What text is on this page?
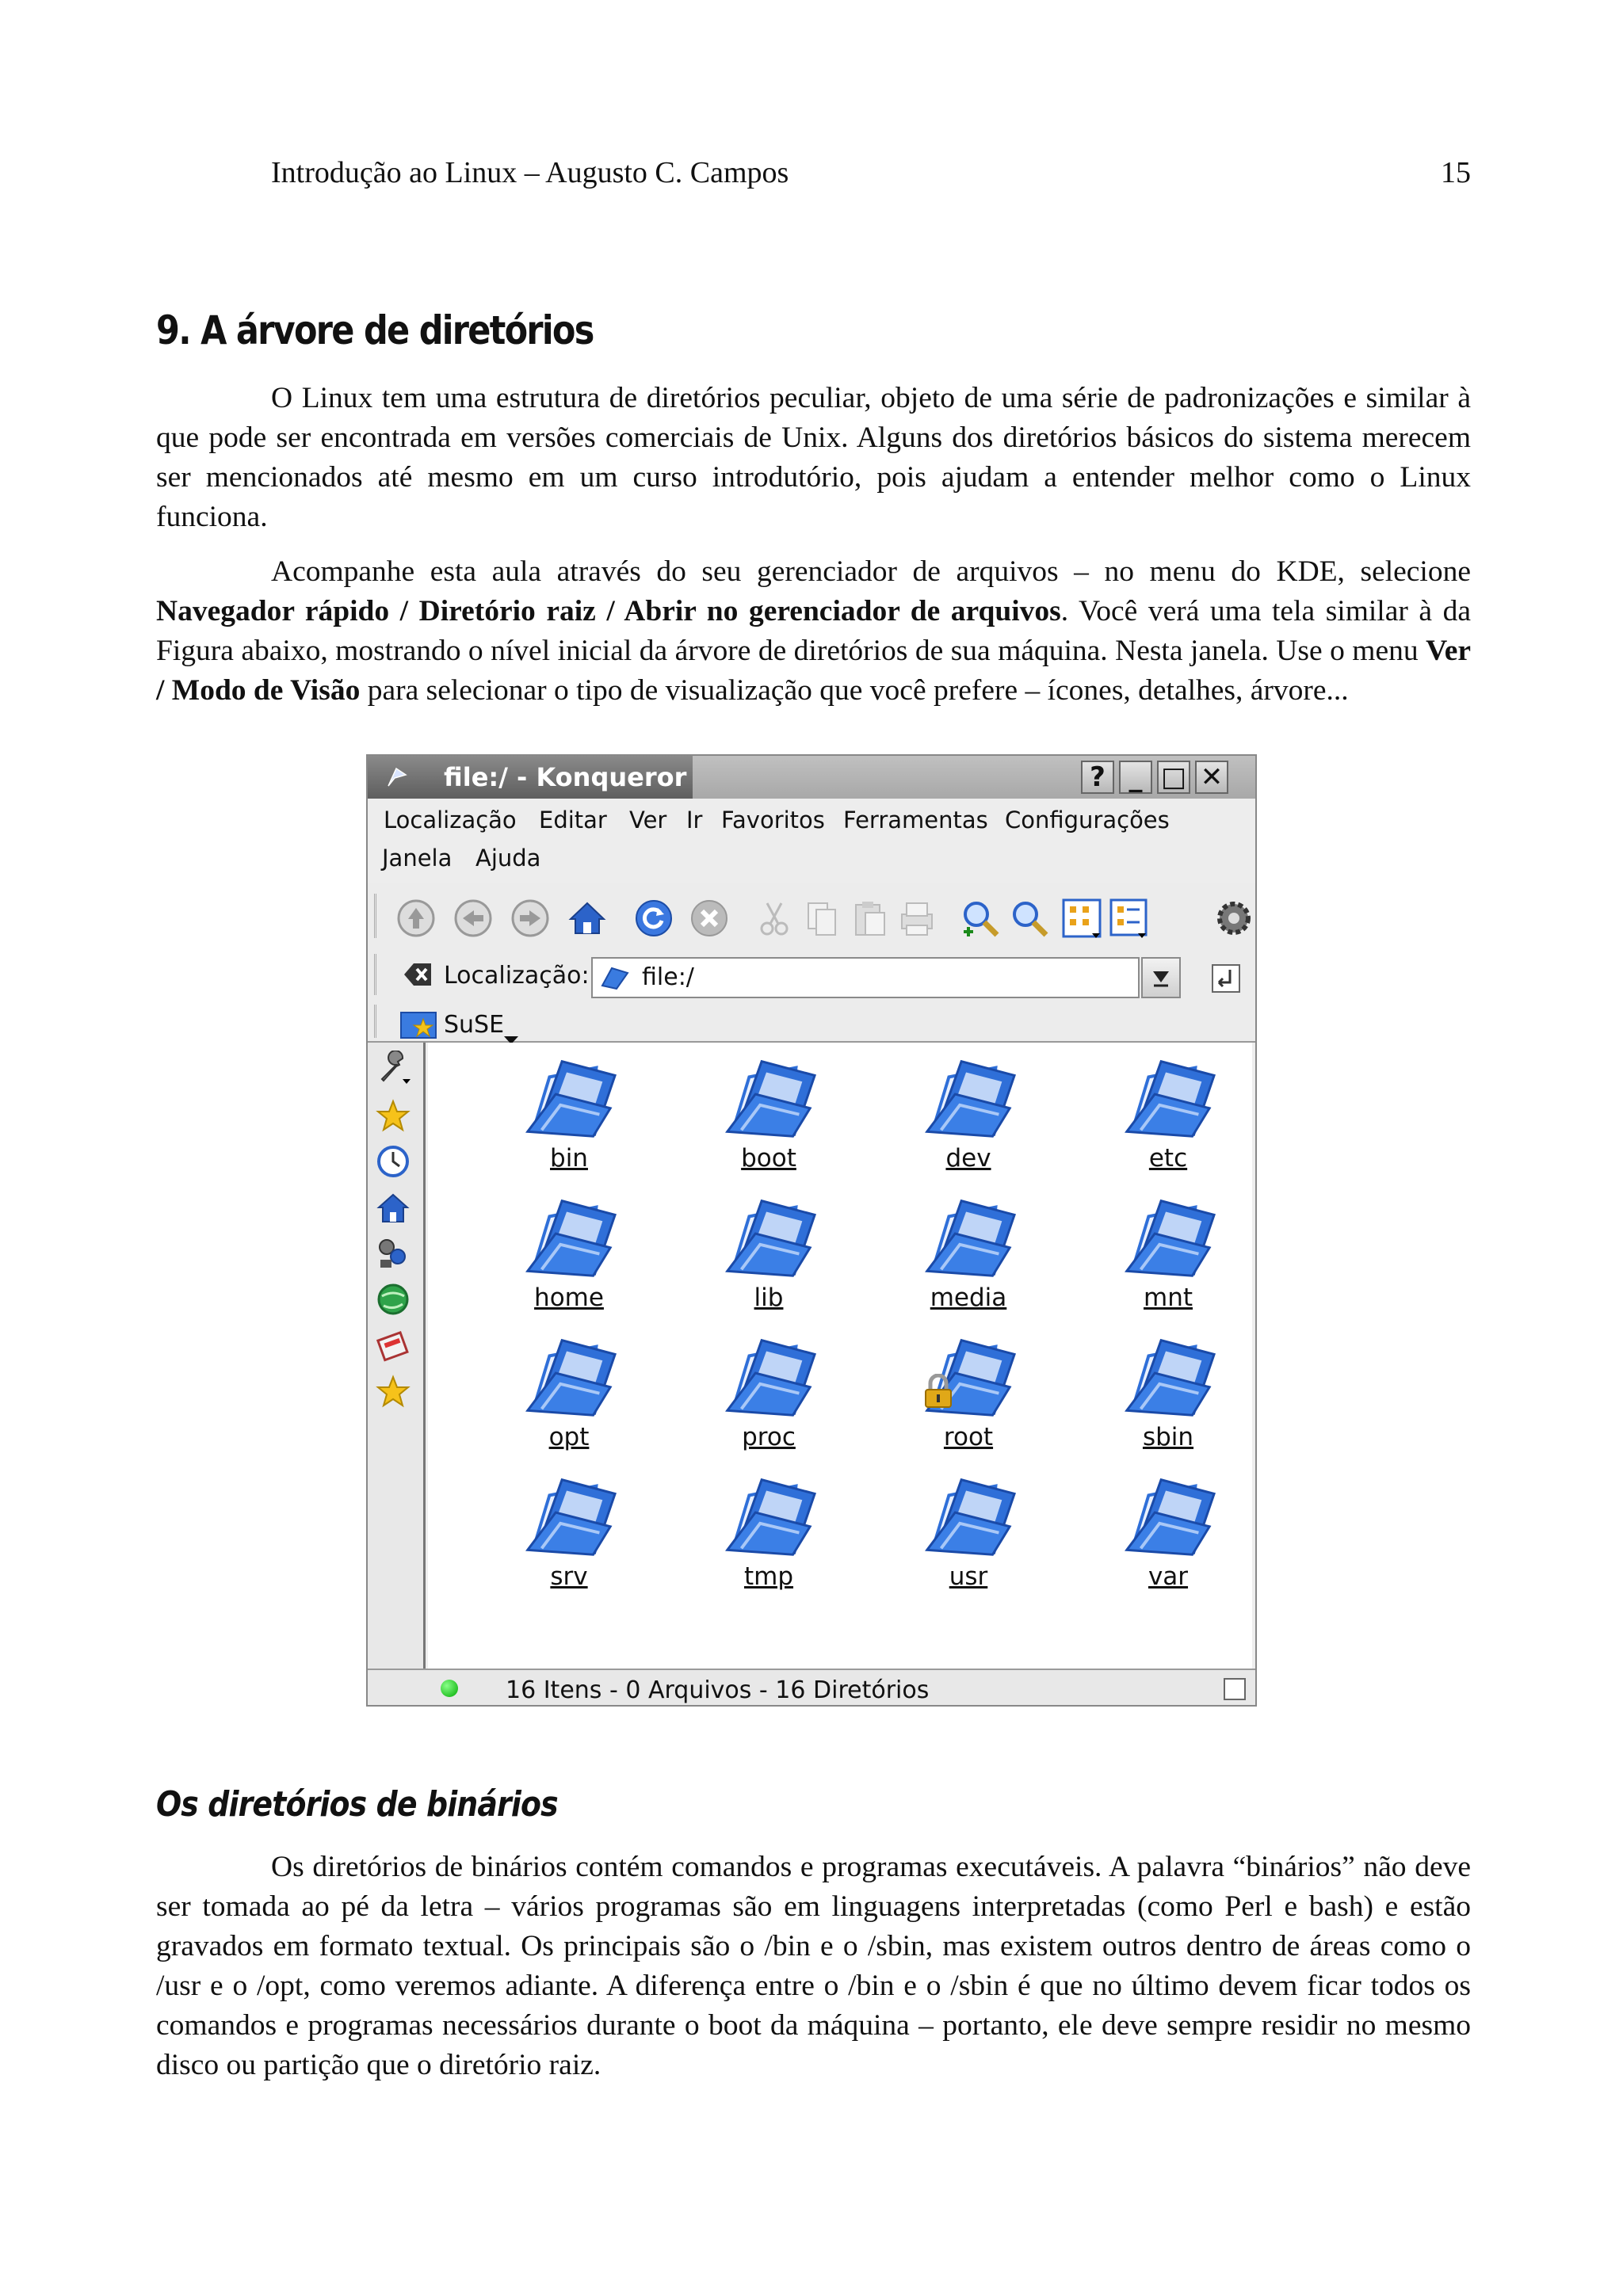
Introdução ao Linux – Augusto C. Campos	15
9. A árvore de diretórios

O Linux tem uma estrutura de diretórios peculiar, objeto de uma série de padronizações e similar à que pode ser encontrada em versões comerciais de Unix. Alguns dos diretórios básicos do sistema merecem ser mencionados até mesmo em um curso introdutório, pois ajudam a entender melhor como o Linux funciona.

Acompanhe esta aula através do seu gerenciador de arquivos – no menu do KDE, selecione Navegador rápido / Diretório raiz / Abrir no gerenciador de arquivos. Você verá uma tela similar à da Figura abaixo, mostrando o nível inicial da árvore de diretórios de sua máquina. Nesta janela. Use o menu Ver / Modo de Visão para selecionar o tipo de visualização que você prefere – ícones, detalhes, árvore...

file:/ - Konqueror	? _ □ ✕
Localização Editar Ver Ir Favoritos Ferramentas Configurações
Janela Ajuda
Localização:	file:/
SuSE
bin	boot	dev	etc
home	lib	media	mnt
opt	proc	root	sbin
srv	tmp	usr	var
16 Itens - 0 Arquivos - 16 Diretórios
Os diretórios de binários

Os diretórios de binários contém comandos e programas executáveis. A palavra “binários” não deve ser tomada ao pé da letra – vários programas são em linguagens interpretadas (como Perl e bash) e estão gravados em formato textual. Os principais são o /bin e o /sbin, mas existem outros dentro de áreas como o /usr e o /opt, como veremos adiante. A diferença entre o /bin e o /sbin é que no último devem ficar todos os comandos e programas necessários durante o boot da máquina – portanto, ele deve sempre residir no mesmo disco ou partição que o diretório raiz.
